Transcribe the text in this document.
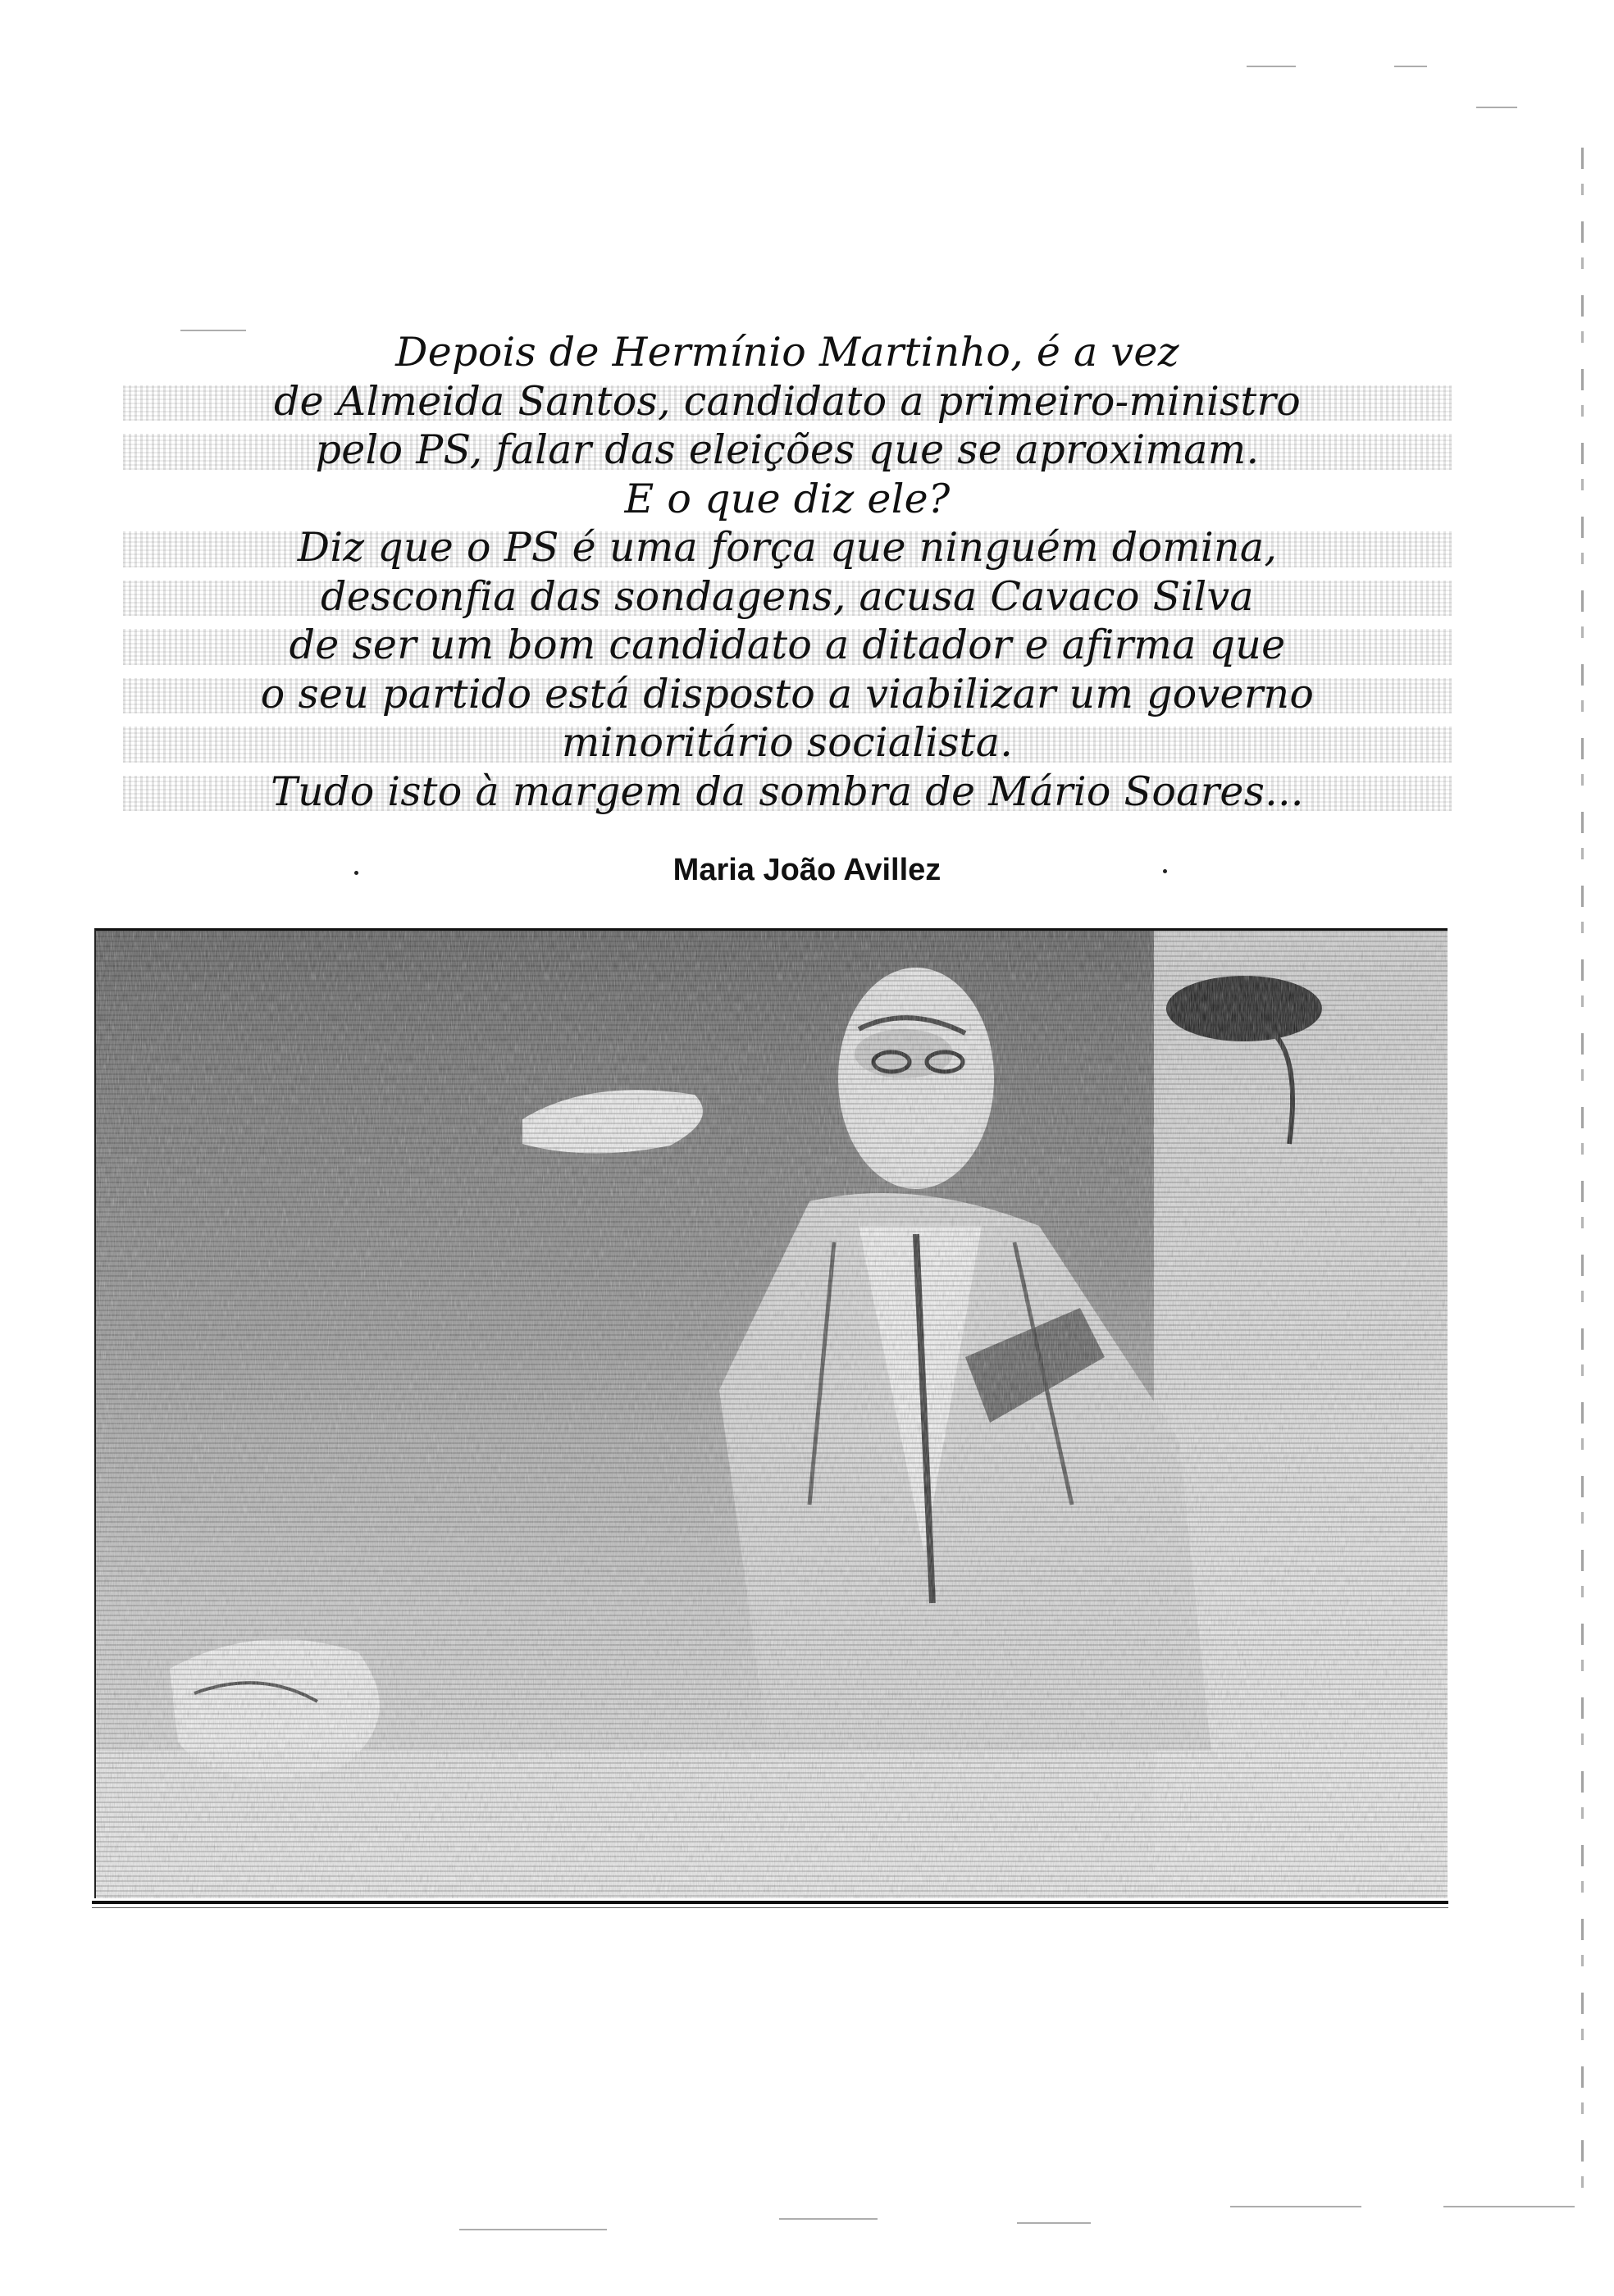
Depois de Hermínio Martinho, é a vez
de Almeida Santos, candidato a primeiro-ministro
pelo PS, falar das eleições que se aproximam.
E o que diz ele?
Diz que o PS é uma força que ninguém domina,
desconfia das sondagens, acusa Cavaco Silva
de ser um bom candidato a ditador e afirma que
o seu partido está disposto a viabilizar um governo
minoritário socialista.
Tudo isto à margem da sombra de Mário Soares...
Maria João Avillez
